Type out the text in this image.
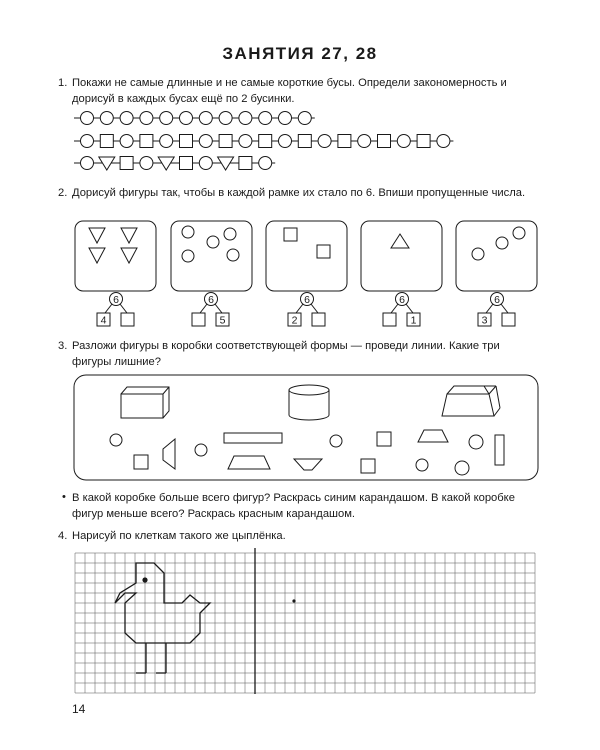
ЗАНЯТИЯ 27, 28
1. Покажи не самые длинные и не самые короткие бусы. Определи закономерность и дорисуй в каждых бусах ещё по 2 бусинки.
2. Дорисуй фигуры так, чтобы в каждой рамке их стало по 6. Впиши пропущенные числа.
3. Разложи фигуры в коробки соответствующей формы — проведи линии. Какие три фигуры лишние?
• В какой коробке больше всего фигур? Раскрась синим карандашом. В какой коробке фигур меньше всего? Раскрась красным карандашом.
4. Нарисуй по клеткам такого же цыплёнка.
14
6
4
6
5
6
2
6
1
6
3
